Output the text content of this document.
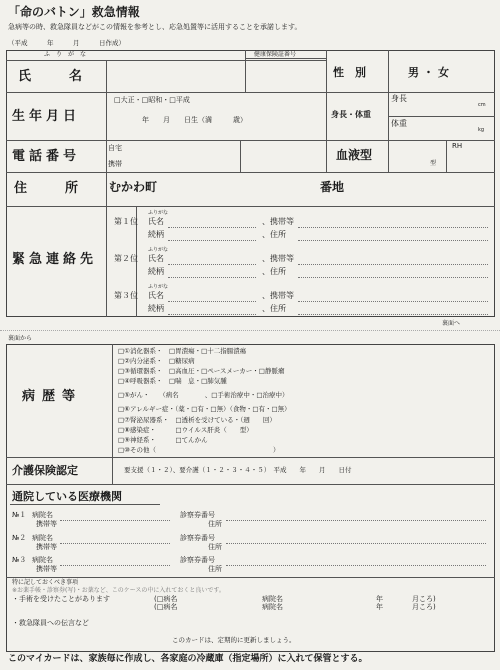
「命のバトン」救急情報
急病等の時、救急隊員などがこの情報を参考とし、応急処置等に活用することを承諾します。
（平成　　　年　　　月　　　日作成）
ふ　り　が　な	健康保険証番号
氏　　名	性　別	男・女
生年月日
□大正・□昭和・□平成
年　　月　　日生（満　　　歳）
身長・体重
身長
cm
体重
kg
電話番号
自宅
携帯
血液型
型
RH
住　　所 むかわ町	番地
緊急連絡先
ふりがな
第１位 氏名	、携帯等
続柄	、住所
ふりがな
第２位 氏名	、携帯等
続柄	、住所
ふりがな
第３位 氏名	、携帯等
続柄	、住所
裏面へ
裏面から
病歴等
□①消化器系・　□胃潰瘍・□十二指腸潰瘍
□②内分泌系・　□糖尿病
□③循環器系・　□高血圧・□ペースメーカー・□静脈瘤
□④呼吸器系・　□喘　息・□肺気腫
□⑤がん・　　（病名　　　　、□手術治療中・□治療中）
□⑥アレルギー症・（薬・□有・□無）（食物・□有・□無）
□⑦腎泌尿器系・　□透析を受けている・（週　　回）
□⑧感染症・　　　□ウイルス肝炎（　　型）
□⑨神経系・　　　□てんかん
□⑩その他（　　　　　　　　　　　　　　　　　　）
介護保険認定	要支援（１・２）、要介護（１・２・３・４・５）　平成　　年　　月　　日付
通院している医療機関
№１ 病院名
携帯等
診察券番号
住所
№２ 病院名
携帯等
診察券番号
住所
№３ 病院名
携帯等
診察券番号
住所
特に記しておくべき事項
※お薬手帳・診察券(写)・お薬など、このケースの中に入れておくと良いです。
・手術を受けたことがあります	(□病名	病院名	年	月ころ)
(□病名	病院名	年	月ころ)
・救急隊員への伝言など
このカードは、定期的に更新しましょう。
このマイカードは、家族毎に作成し、各家庭の冷蔵庫（指定場所）に入れて保管とする。
